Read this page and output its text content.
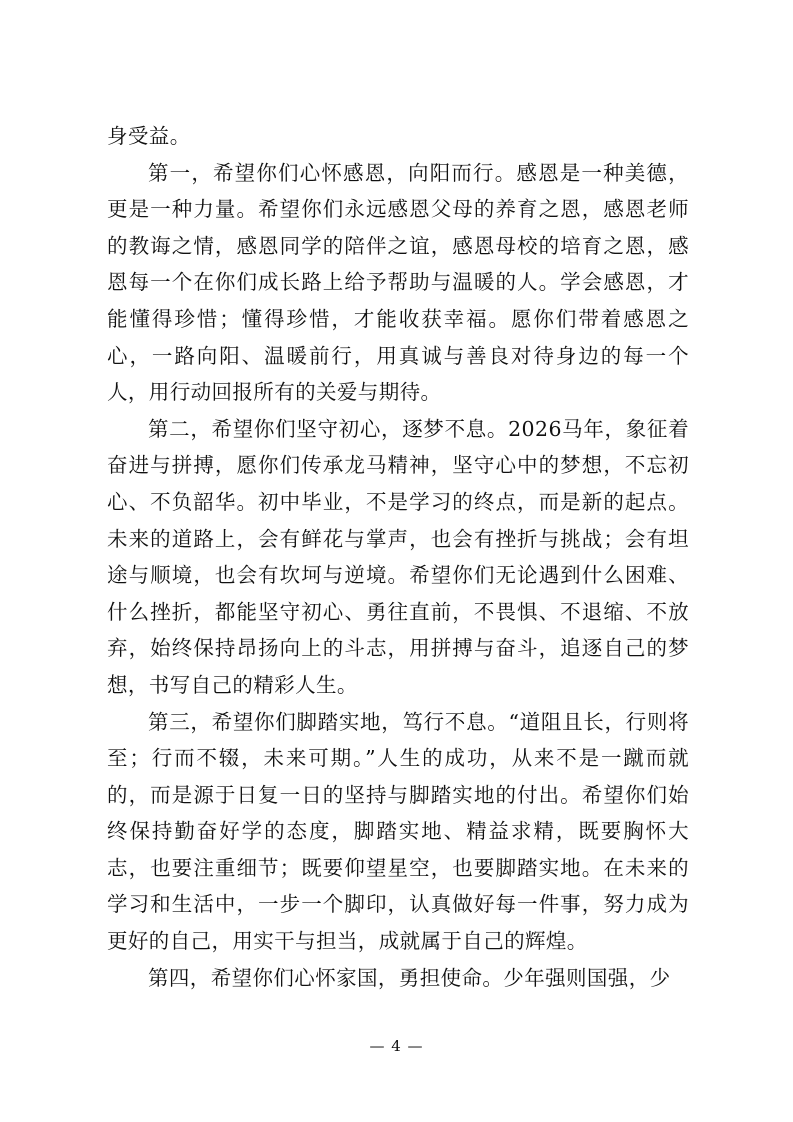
身受益。

第一，希望你们心怀感恩，向阳而行。感恩是一种美德，更是一种力量。希望你们永远感恩父母的养育之恩，感恩老师的教诲之情，感恩同学的陪伴之谊，感恩母校的培育之恩，感恩每一个在你们成长路上给予帮助与温暖的人。学会感恩，才能懂得珍惜；懂得珍惜，才能收获幸福。愿你们带着感恩之心，一路向阳、温暖前行，用真诚与善良对待身边的每一个人，用行动回报所有的关爱与期待。

第二，希望你们坚守初心，逐梦不息。2026马年，象征着奋进与拼搏，愿你们传承龙马精神，坚守心中的梦想，不忘初心、不负韶华。初中毕业，不是学习的终点，而是新的起点。未来的道路上，会有鲜花与掌声，也会有挫折与挑战；会有坦途与顺境，也会有坎坷与逆境。希望你们无论遇到什么困难、什么挫折，都能坚守初心、勇往直前，不畏惧、不退缩、不放弃，始终保持昂扬向上的斗志，用拼搏与奋斗，追逐自己的梦想，书写自己的精彩人生。

第三，希望你们脚踏实地，笃行不息。“道阻且长，行则将至；行而不辍，未来可期。”人生的成功，从来不是一蹴而就的，而是源于日复一日的坚持与脚踏实地的付出。希望你们始终保持勤奋好学的态度，脚踏实地、精益求精，既要胸怀大志，也要注重细节；既要仰望星空，也要脚踏实地。在未来的学习和生活中，一步一个脚印，认真做好每一件事，努力成为更好的自己，用实干与担当，成就属于自己的辉煌。

第四，希望你们心怀家国，勇担使命。少年强则国强，少

— 4 —
